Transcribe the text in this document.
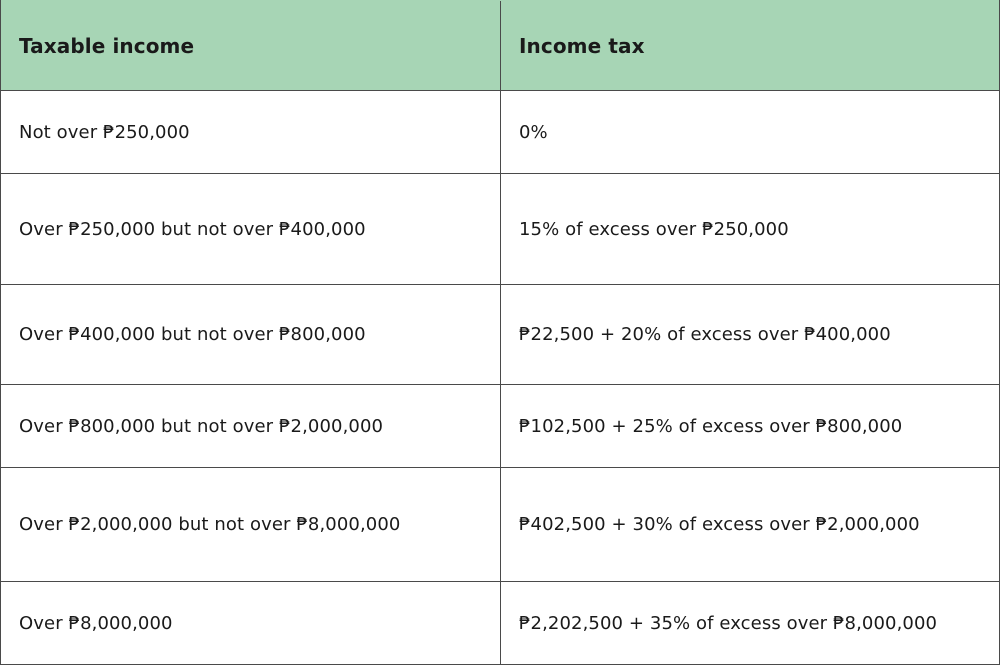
Taxable income	Income tax
Not over ₱250,000	0%
Over ₱250,000 but not over ₱400,000	15% of excess over ₱250,000
Over ₱400,000 but not over ₱800,000	₱22,500 + 20% of excess over ₱400,000
Over ₱800,000 but not over ₱2,000,000	₱102,500 + 25% of excess over ₱800,000
Over ₱2,000,000 but not over ₱8,000,000	₱402,500 + 30% of excess over ₱2,000,000
Over ₱8,000,000	₱2,202,500 + 35% of excess over ₱8,000,000
